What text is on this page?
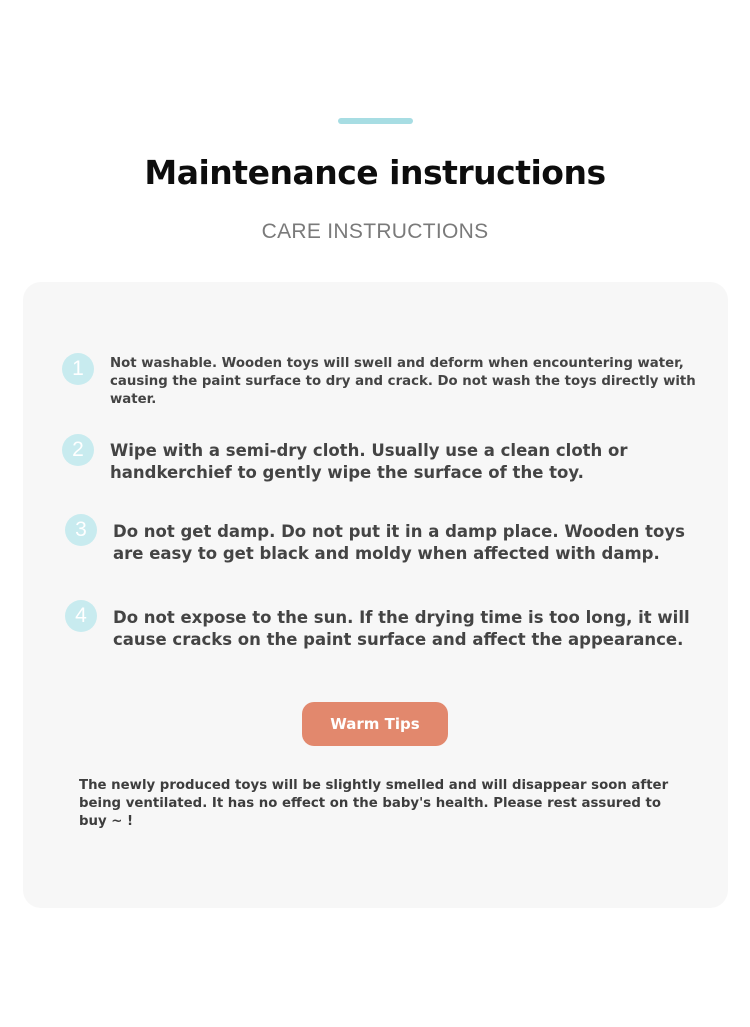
Maintenance instructions
CARE INSTRUCTIONS
1	Not washable. Wooden toys will swell and deform when encountering water, causing the paint surface to dry and crack. Do not wash the toys directly with water.
2	Wipe with a semi-dry cloth. Usually use a clean cloth or handkerchief to gently wipe the surface of the toy.
3	Do not get damp. Do not put it in a damp place. Wooden toys are easy to get black and moldy when affected with damp.
4	Do not expose to the sun. If the drying time is too long, it will cause cracks on the paint surface and affect the appearance.
Warm Tips
The newly produced toys will be slightly smelled and will disappear soon after being ventilated. It has no effect on the baby's health. Please rest assured to buy ~ !
